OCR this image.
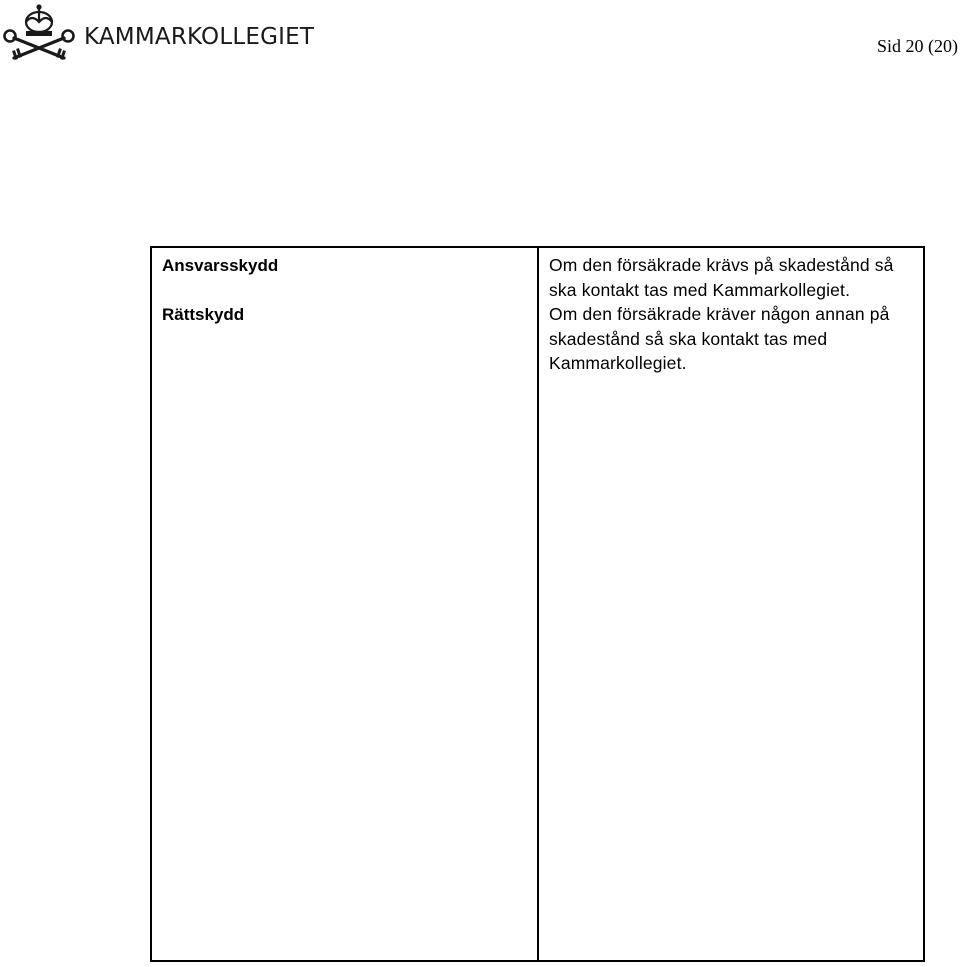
KAMMARKOLLEGIET	Sid 20 (20)

Ansvarsskydd

Rättskydd

Om den försäkrade krävs på skadestånd så ska kontakt tas med Kammarkollegiet.

Om den försäkrade kräver någon annan på skadestånd så ska kontakt tas med Kammarkollegiet.
